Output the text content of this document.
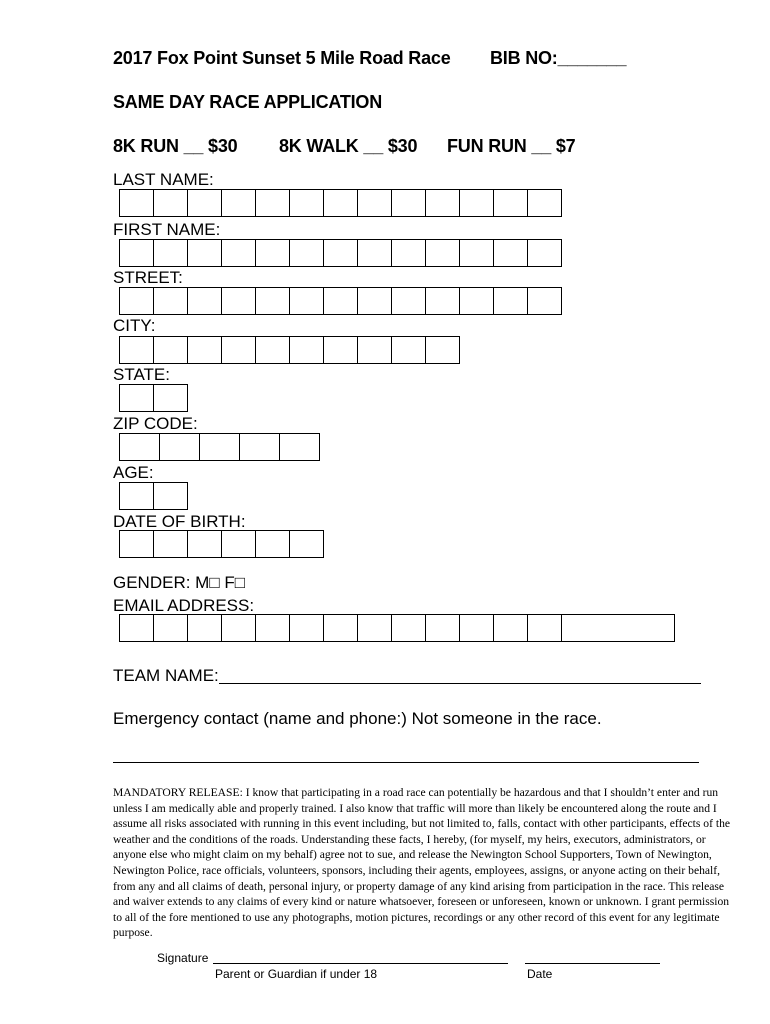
2017 Fox Point Sunset 5 Mile Road Race BIB NO:_______
SAME DAY RACE APPLICATION
8K RUN __ $30 8K WALK __ $30 FUN RUN __ $7
LAST NAME:
FIRST NAME:
STREET:
CITY:
STATE:
ZIP CODE:
AGE:
DATE OF BIRTH:
GENDER: M□ F□
EMAIL ADDRESS:
TEAM NAME:
Emergency contact (name and phone:) Not someone in the race.
MANDATORY RELEASE: I know that participating in a road race can potentially be hazardous and that I shouldn’t enter and run unless I am medically able and properly trained. I also know that traffic will more than likely be encountered along the route and I assume all risks associated with running in this event including, but not limited to, falls, contact with other participants, effects of the weather and the conditions of the roads. Understanding these facts, I hereby, (for myself, my heirs, executors, administrators, or anyone else who might claim on my behalf) agree not to sue, and release the Newington School Supporters, Town of Newington, Newington Police, race officials, volunteers, sponsors, including their agents, employees, assigns, or anyone acting on their behalf, from any and all claims of death, personal injury, or property damage of any kind arising from participation in the race. This release and waiver extends to any claims of every kind or nature whatsoever, foreseen or unforeseen, known or unknown. I grant permission to all of the fore mentioned to use any photographs, motion pictures, recordings or any other record of this event for any legitimate purpose.
Signature
Parent or Guardian if under 18	Date
